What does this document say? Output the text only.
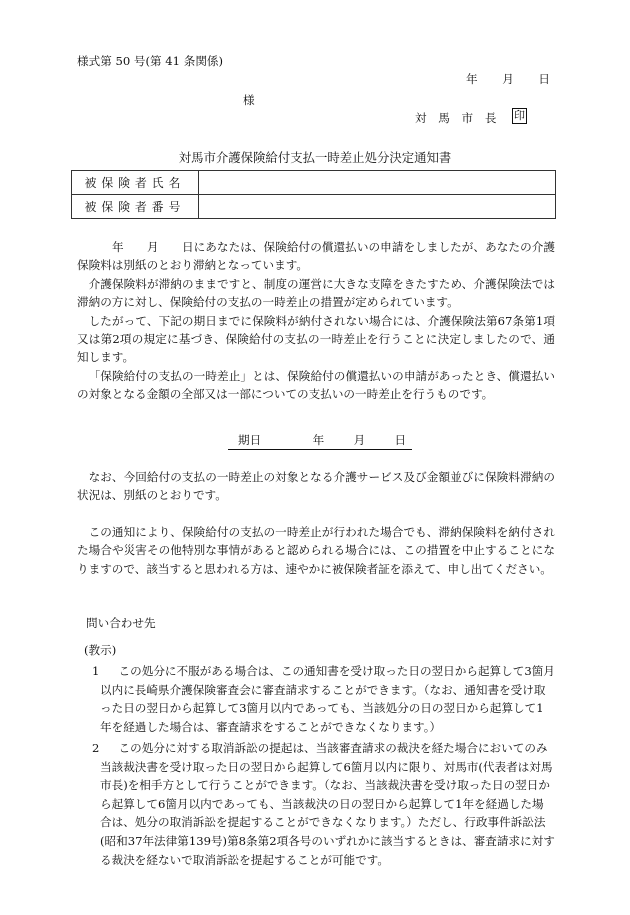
様式第 50 号(第 41 条関係)
年 月 日
様
対 馬 市 長 印
対馬市介護保険給付支払一時差止処分決定通知書
被保険者氏名	
被保険者番号	

　　　年　　月　　日にあなたは、保険給付の償還払いの申請をしましたが、あなたの介護保険料は別紙のとおり滞納となっています。

介護保険料が滞納のままですと、制度の運営に大きな支障をきたすため、介護保険法では滞納の方に対し、保険給付の支払の一時差止の措置が定められています。

したがって、下記の期日までに保険料が納付されない場合には、介護保険法第67条第1項又は第2項の規定に基づき、保険給付の支払の一時差止を行うことに決定しましたので、通知します。

「保険給付の支払の一時差止」とは、保険給付の償還払いの申請があったとき、償還払いの対象となる金額の全部又は一部についての支払いの一時差止を行うものです。

期日	年	月	日

なお、今回給付の支払の一時差止の対象となる介護サービス及び金額並びに保険料滞納の状況は、別紙のとおりです。

この通知により、保険給付の支払の一時差止が行われた場合でも、滞納保険料を納付された場合や災害その他特別な事情があると認められる場合には、この措置を中止することになりますので、該当すると思われる方は、速やかに被保険者証を添えて、申し出てください。

問い合わせ先
(教示)
1	この処分に不服がある場合は、この通知書を受け取った日の翌日から起算して3箇月以内に長崎県介護保険審査会に審査請求することができます。（なお、通知書を受け取った日の翌日から起算して3箇月以内であっても、当該処分の日の翌日から起算して1年を経過した場合は、審査請求をすることができなくなります。）
2	この処分に対する取消訴訟の提起は、当該審査請求の裁決を経た場合においてのみ当該裁決書を受け取った日の翌日から起算して6箇月以内に限り、対馬市(代表者は対馬市長)を相手方として行うことができます。（なお、当該裁決書を受け取った日の翌日から起算して6箇月以内であっても、当該裁決の日の翌日から起算して1年を経過した場合は、処分の取消訴訟を提起することができなくなります。）ただし、行政事件訴訟法(昭和37年法律第139号)第8条第2項各号のいずれかに該当するときは、審査請求に対する裁決を経ないで取消訴訟を提起することが可能です。
